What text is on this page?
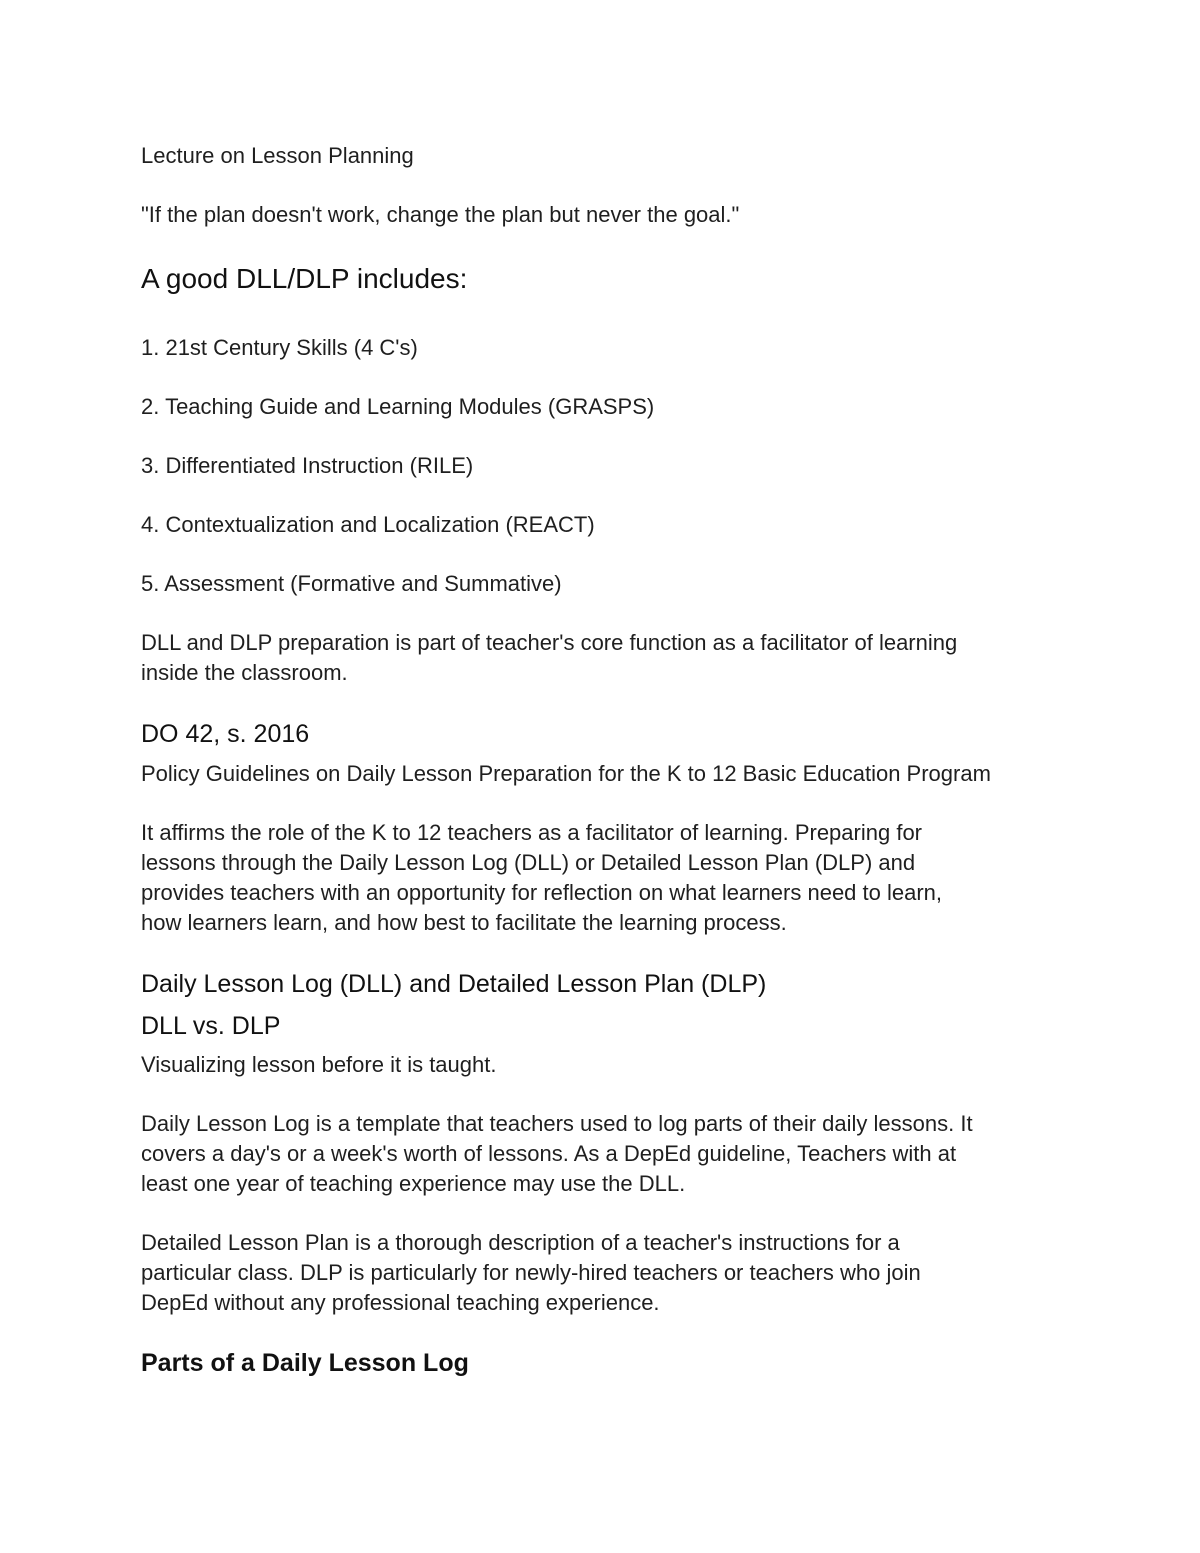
Lecture on Lesson Planning

"If the plan doesn't work, change the plan but never the goal."

A good DLL/DLP includes:

1. 21st Century Skills (4 C's)

2. Teaching Guide and Learning Modules (GRASPS)

3. Differentiated Instruction (RILE)

4. Contextualization and Localization (REACT)

5. Assessment (Formative and Summative)

DLL and DLP preparation is part of teacher's core function as a facilitator of learning
inside the classroom.
DO 42, s. 2016

Policy Guidelines on Daily Lesson Preparation for the K to 12 Basic Education Program

It affirms the role of the K to 12 teachers as a facilitator of learning. Preparing for
lessons through the Daily Lesson Log (DLL) or Detailed Lesson Plan (DLP) and
provides teachers with an opportunity for reflection on what learners need to learn,
how learners learn, and how best to facilitate the learning process.
Daily Lesson Log (DLL) and Detailed Lesson Plan (DLP)
DLL vs. DLP

Visualizing lesson before it is taught.

Daily Lesson Log is a template that teachers used to log parts of their daily lessons. It
covers a day's or a week's worth of lessons. As a DepEd guideline, Teachers with at
least one year of teaching experience may use the DLL.
Detailed Lesson Plan is a thorough description of a teacher's instructions for a
particular class. DLP is particularly for newly-hired teachers or teachers who join
DepEd without any professional teaching experience.
Parts of a Daily Lesson Log
